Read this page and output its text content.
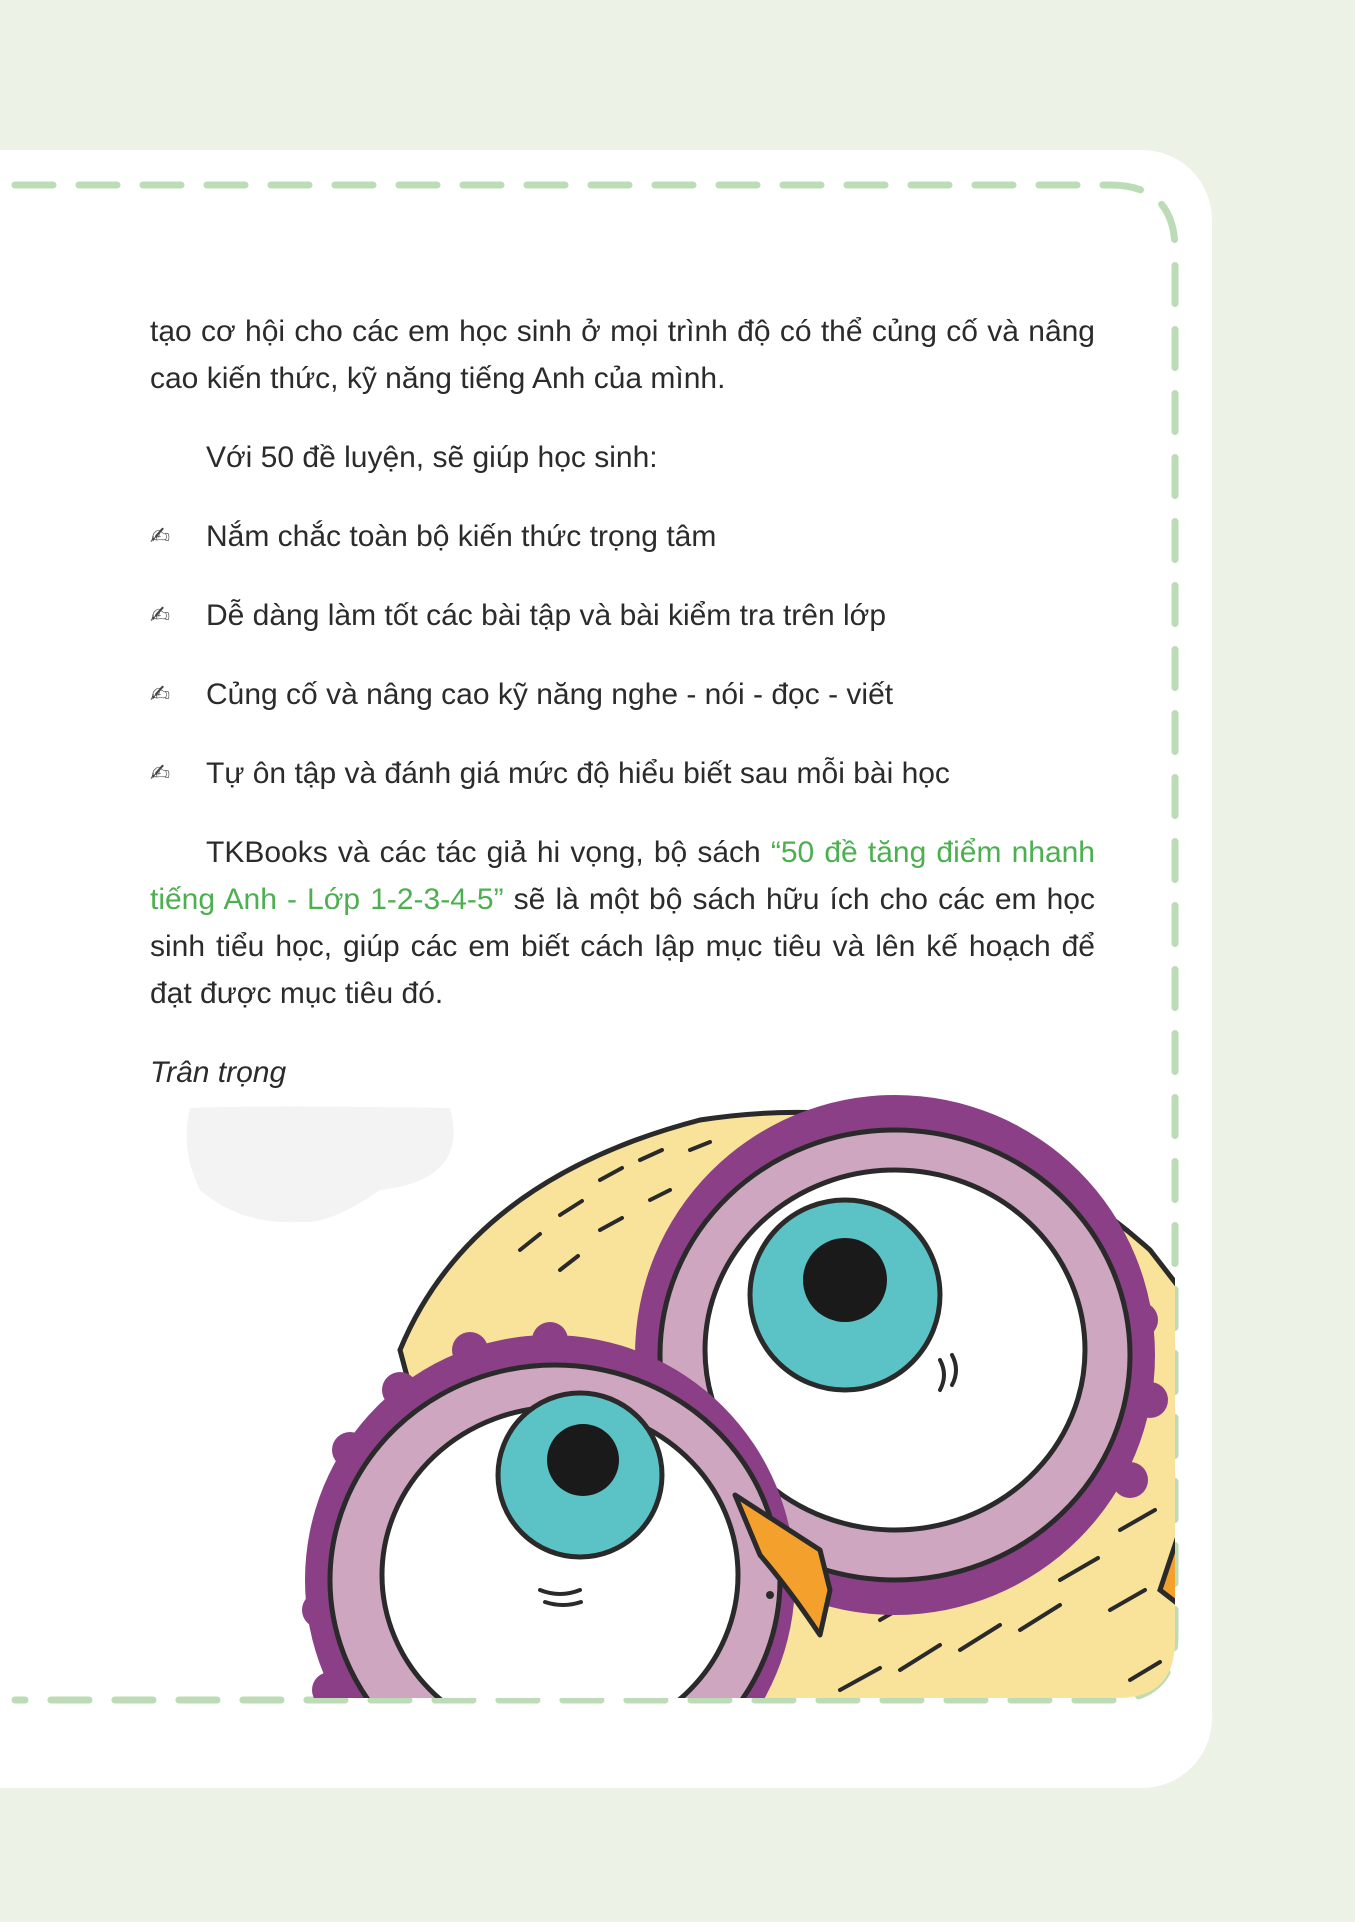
tạo cơ hội cho các em học sinh ở mọi trình độ có thể củng cố và nâng cao kiến thức, kỹ năng tiếng Anh của mình.

Với 50 đề luyện, sẽ giúp học sinh:

✍ Nắm chắc toàn bộ kiến thức trọng tâm
✍ Dễ dàng làm tốt các bài tập và bài kiểm tra trên lớp
✍ Củng cố và nâng cao kỹ năng nghe - nói - đọc - viết
✍ Tự ôn tập và đánh giá mức độ hiểu biết sau mỗi bài học

TKBooks và các tác giả hi vọng, bộ sách “50 đề tăng điểm nhanh tiếng Anh - Lớp 1-2-3-4-5” sẽ là một bộ sách hữu ích cho các em học sinh tiểu học, giúp các em biết cách lập mục tiêu và lên kế hoạch để đạt được mục tiêu đó.

Trân trọng
